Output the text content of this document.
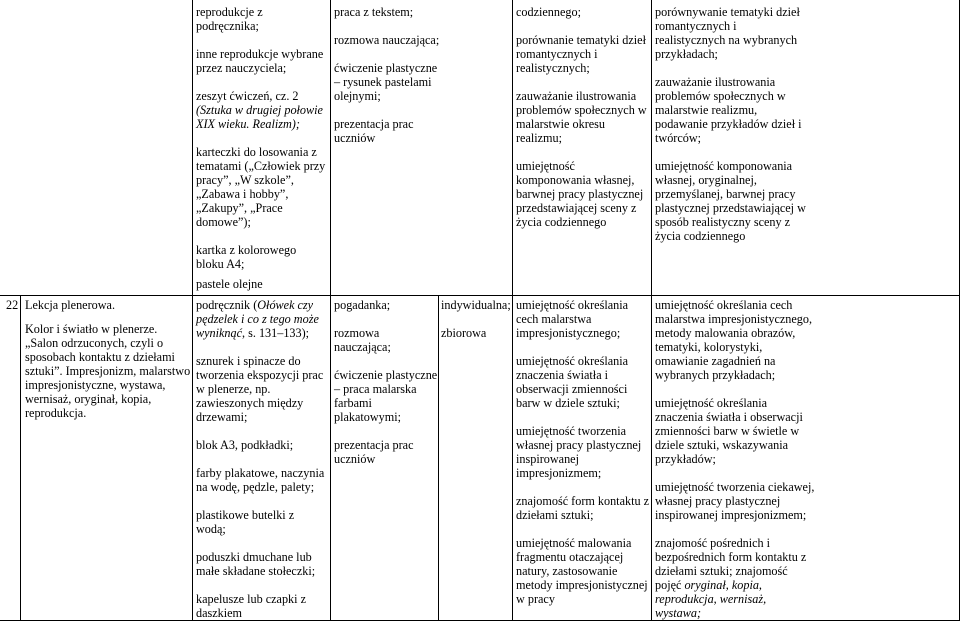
reprodukcje z podręcznika;

inne reprodukcje wybrane przez nauczyciela;

zeszyt ćwiczeń, cz. 2

(Sztuka w drugiej połowie XIX wieku. Realizm);

karteczki do losowania z tematami („Człowiek przy pracy”, „W szkole”, „Zabawa i hobby”, „Zakupy”, „Prace domowe”);

kartka z kolorowego bloku A4;

pastele olejne

praca z tekstem;

rozmowa nauczająca;

ćwiczenie plastyczne – rysunek pastelami olejnymi;

prezentacja prac uczniów

codziennego;

porównanie tematyki dzieł romantycznych i realistycznych;

zauważanie ilustrowania problemów społecznych w malarstwie okresu realizmu;

umiejętność komponowania własnej, barwnej pracy plastycznej przedstawiającej sceny z życia codziennego

porównywanie tematyki dzieł romantycznych i realistycznych na wybranych przykładach;

zauważanie ilustrowania problemów społecznych w malarstwie realizmu, podawanie przykładów dzieł i twórców;

umiejętność komponowania własnej, oryginalnej, przemyślanej, barwnej pracy plastycznej przedstawiającej w sposób realistyczny sceny z życia codziennego

22 Lekcja plenerowa.

Kolor i światło w plenerze. „Salon odrzuconych, czyli o sposobach kontaktu z dziełami sztuki”. Impresjonizm, malarstwo impresjonistyczne, wystawa, wernisaż, oryginał, kopia, reprodukcja.

podręcznik (Ołówek czy pędzelek i co z tego może wyniknąć, s. 131–133);

sznurek i spinacze do tworzenia ekspozycji prac w plenerze, np. zawieszonych między drzewami;

blok A3, podkładki;

farby plakatowe, naczynia na wodę, pędzle, palety;

plastikowe butelki z wodą;

poduszki dmuchane lub małe składane stołeczki;

kapelusze lub czapki z daszkiem

pogadanka;

rozmowa nauczająca;

ćwiczenie plastyczne – praca malarska farbami plakatowymi;

prezentacja prac uczniów

indywidualna;

zbiorowa

umiejętność określania cech malarstwa impresjonistycznego;

umiejętność określania znaczenia światła i obserwacji zmienności barw w dziele sztuki;

umiejętność tworzenia własnej pracy plastycznej inspirowanej impresjonizmem;

znajomość form kontaktu z dziełami sztuki;

umiejętność malowania fragmentu otaczającej natury, zastosowanie metody impresjonistycznej w pracy

umiejętność określania cech malarstwa impresjonistycznego, metody malowania obrazów, tematyki, kolorystyki, omawianie zagadnień na wybranych przykładach;

umiejętność określania znaczenia światła i obserwacji zmienności barw w świetle w dziele sztuki, wskazywania przykładów;

umiejętność tworzenia ciekawej, własnej pracy plastycznej inspirowanej impresjonizmem;

znajomość pośrednich i bezpośrednich form kontaktu z dziełami sztuki; znajomość pojęć oryginał, kopia, reprodukcja, wernisaż, wystawa;
